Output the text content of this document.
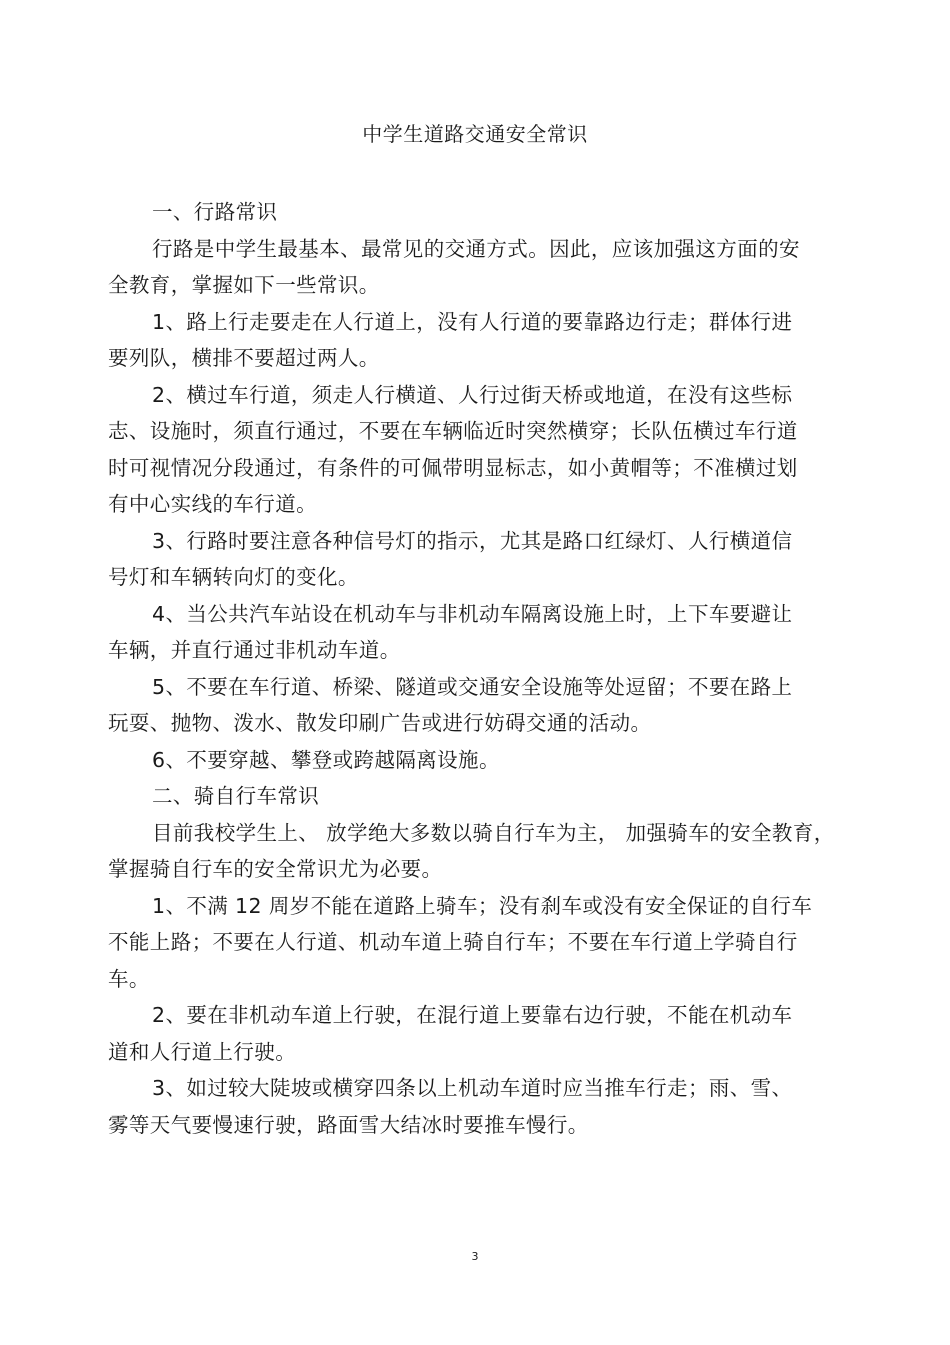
中学生道路交通安全常识
一、行路常识
行路是中学生最基本、最常见的交通方式。因此，应该加强这方面的安
全教育，掌握如下一些常识。
1、路上行走要走在人行道上，没有人行道的要靠路边行走；群体行进
要列队，横排不要超过两人。
2、横过车行道，须走人行横道、人行过街天桥或地道，在没有这些标
志、设施时，须直行通过，不要在车辆临近时突然横穿；长队伍横过车行道
时可视情况分段通过，有条件的可佩带明显标志，如小黄帽等；不准横过划
有中心实线的车行道。
3、行路时要注意各种信号灯的指示，尤其是路口红绿灯、人行横道信
号灯和车辆转向灯的变化。
4、当公共汽车站设在机动车与非机动车隔离设施上时，上下车要避让
车辆，并直行通过非机动车道。
5、不要在车行道、桥梁、隧道或交通安全设施等处逗留；不要在路上
玩耍、抛物、泼水、散发印刷广告或进行妨碍交通的活动。
6、不要穿越、攀登或跨越隔离设施。
二、骑自行车常识
目前我校学生上、 放学绝大多数以骑自行车为主， 加强骑车的安全教育，
掌握骑自行车的安全常识尤为必要。
1、不满 12 周岁不能在道路上骑车；没有刹车或没有安全保证的自行车
不能上路；不要在人行道、机动车道上骑自行车；不要在车行道上学骑自行
车。
2、要在非机动车道上行驶，在混行道上要靠右边行驶，不能在机动车
道和人行道上行驶。
3、如过较大陡坡或横穿四条以上机动车道时应当推车行走；雨、雪、
雾等天气要慢速行驶，路面雪大结冰时要推车慢行。
3
